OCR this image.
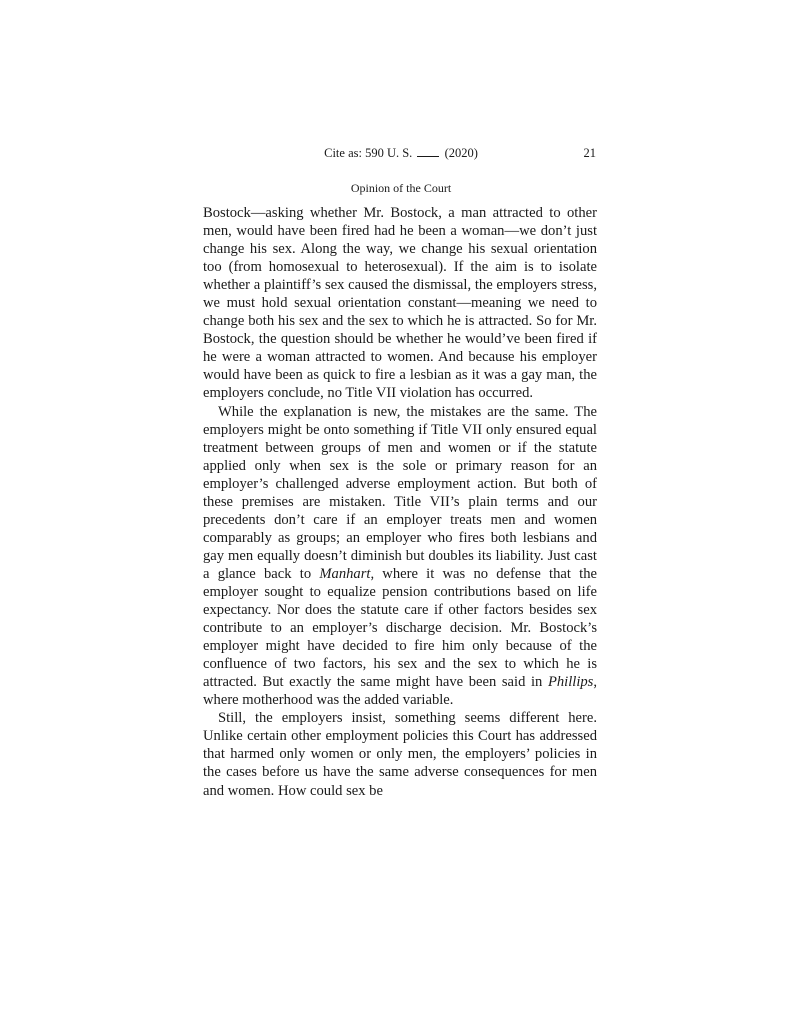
Cite as: 590 U. S.  (2020)	21
Opinion of the Court

Bostock—asking whether Mr. Bostock, a man attracted to other men, would have been fired had he been a woman—we don’t just change his sex. Along the way, we change his sexual orientation too (from homosexual to heterosexual). If the aim is to isolate whether a plaintiff’s sex caused the dismissal, the employers stress, we must hold sexual orientation constant—meaning we need to change both his sex and the sex to which he is attracted. So for Mr. Bostock, the question should be whether he would’ve been fired if he were a woman attracted to women. And because his employer would have been as quick to fire a lesbian as it was a gay man, the employers conclude, no Title VII violation has occurred.

While the explanation is new, the mistakes are the same. The employers might be onto something if Title VII only ensured equal treatment between groups of men and women or if the statute applied only when sex is the sole or primary reason for an employer’s challenged adverse employment action. But both of these premises are mistaken. Title VII’s plain terms and our precedents don’t care if an employer treats men and women comparably as groups; an employer who fires both lesbians and gay men equally doesn’t diminish but doubles its liability. Just cast a glance back to Manhart, where it was no defense that the employer sought to equalize pension contributions based on life expectancy. Nor does the statute care if other factors besides sex contribute to an employer’s discharge decision. Mr. Bostock’s employer might have decided to fire him only because of the confluence of two factors, his sex and the sex to which he is attracted. But exactly the same might have been said in Phillips, where motherhood was the added variable.

Still, the employers insist, something seems different here. Unlike certain other employment policies this Court has addressed that harmed only women or only men, the employers’ policies in the cases before us have the same adverse consequences for men and women. How could sex be
